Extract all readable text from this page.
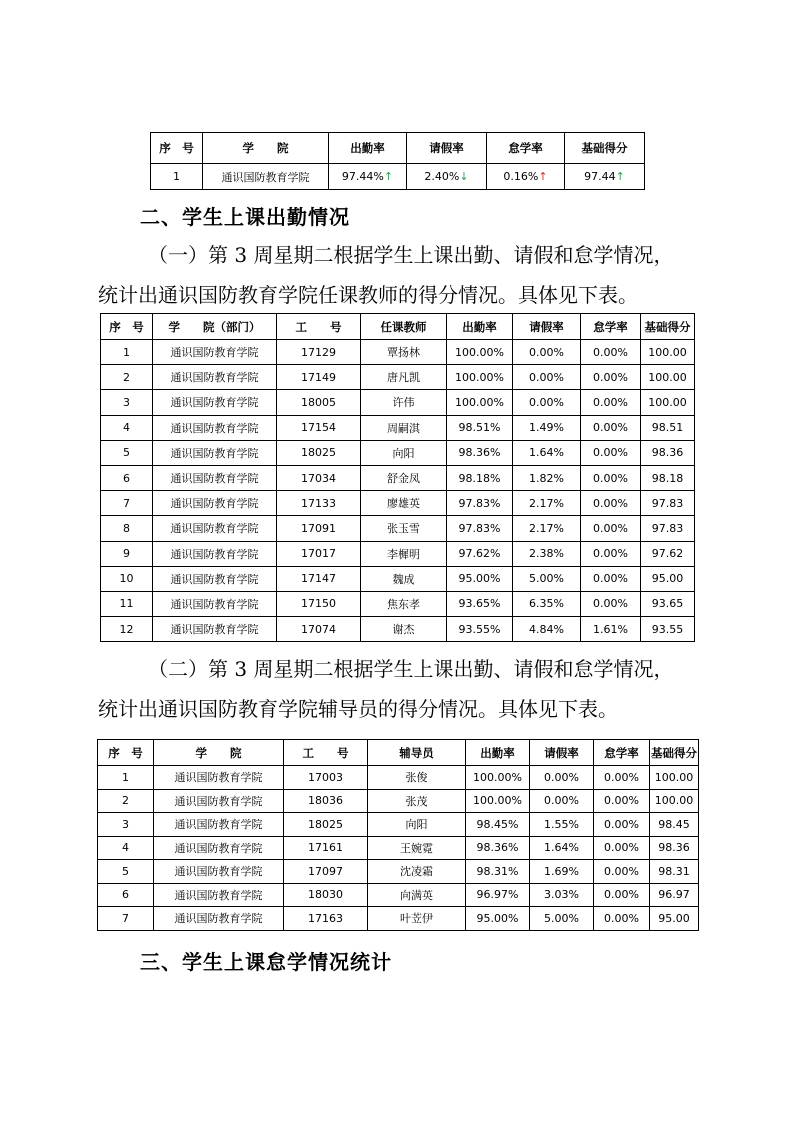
序　号	学　　院	出勤率	请假率	怠学率	基础得分
1	通识国防教育学院	97.44%↑	2.40%↓	0.16%↑	97.44↑
二、学生上课出勤情况
（一）第 3 周星期二根据学生上课出勤、请假和怠学情况，
统计出通识国防教育学院任课教师的得分情况。具体见下表。
序　号	学　　院（部门）	工　　号	任课教师	出勤率	请假率	怠学率	基础得分
1	通识国防教育学院	17129	覃扬林	100.00%	0.00%	0.00%	100.00
2	通识国防教育学院	17149	唐凡凯	100.00%	0.00%	0.00%	100.00
3	通识国防教育学院	18005	许伟	100.00%	0.00%	0.00%	100.00
4	通识国防教育学院	17154	周嗣淇	98.51%	1.49%	0.00%	98.51
5	通识国防教育学院	18025	向阳	98.36%	1.64%	0.00%	98.36
6	通识国防教育学院	17034	舒金凤	98.18%	1.82%	0.00%	98.18
7	通识国防教育学院	17133	廖雄英	97.83%	2.17%	0.00%	97.83
8	通识国防教育学院	17091	张玉雪	97.83%	2.17%	0.00%	97.83
9	通识国防教育学院	17017	李樨明	97.62%	2.38%	0.00%	97.62
10	通识国防教育学院	17147	魏成	95.00%	5.00%	0.00%	95.00
11	通识国防教育学院	17150	焦东孝	93.65%	6.35%	0.00%	93.65
12	通识国防教育学院	17074	谢杰	93.55%	4.84%	1.61%	93.55
（二）第 3 周星期二根据学生上课出勤、请假和怠学情况，
统计出通识国防教育学院辅导员的得分情况。具体见下表。
序　号	学　　院	工　　号	辅导员	出勤率	请假率	怠学率	基础得分
1	通识国防教育学院	17003	张俊	100.00%	0.00%	0.00%	100.00
2	通识国防教育学院	18036	张茂	100.00%	0.00%	0.00%	100.00
3	通识国防教育学院	18025	向阳	98.45%	1.55%	0.00%	98.45
4	通识国防教育学院	17161	王婉霓	98.36%	1.64%	0.00%	98.36
5	通识国防教育学院	17097	沈凌霜	98.31%	1.69%	0.00%	98.31
6	通识国防教育学院	18030	向满英	96.97%	3.03%	0.00%	96.97
7	通识国防教育学院	17163	叶苙伊	95.00%	5.00%	0.00%	95.00
三、学生上课怠学情况统计
